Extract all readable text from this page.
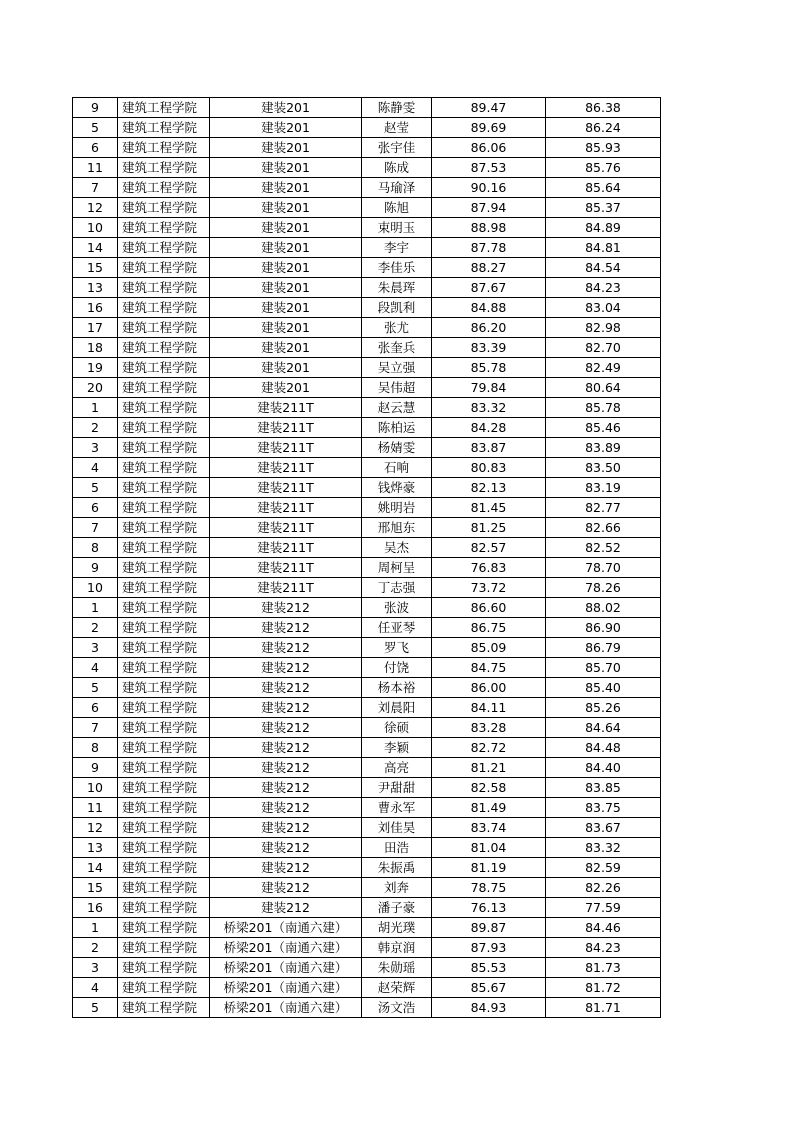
9	建筑工程学院	建装201	陈静雯	89.47	86.38
5	建筑工程学院	建装201	赵莹	89.69	86.24
6	建筑工程学院	建装201	张宇佳	86.06	85.93
11	建筑工程学院	建装201	陈成	87.53	85.76
7	建筑工程学院	建装201	马瑜泽	90.16	85.64
12	建筑工程学院	建装201	陈旭	87.94	85.37
10	建筑工程学院	建装201	束明玉	88.98	84.89
14	建筑工程学院	建装201	李宇	87.78	84.81
15	建筑工程学院	建装201	李佳乐	88.27	84.54
13	建筑工程学院	建装201	朱晨珲	87.67	84.23
16	建筑工程学院	建装201	段凯利	84.88	83.04
17	建筑工程学院	建装201	张尤	86.20	82.98
18	建筑工程学院	建装201	张奎兵	83.39	82.70
19	建筑工程学院	建装201	吴立强	85.78	82.49
20	建筑工程学院	建装201	吴伟超	79.84	80.64
1	建筑工程学院	建装211T	赵云慧	83.32	85.78
2	建筑工程学院	建装211T	陈柏运	84.28	85.46
3	建筑工程学院	建装211T	杨婧雯	83.87	83.89
4	建筑工程学院	建装211T	石响	80.83	83.50
5	建筑工程学院	建装211T	钱烨豪	82.13	83.19
6	建筑工程学院	建装211T	姚明岩	81.45	82.77
7	建筑工程学院	建装211T	邢旭东	81.25	82.66
8	建筑工程学院	建装211T	吴杰	82.57	82.52
9	建筑工程学院	建装211T	周柯呈	76.83	78.70
10	建筑工程学院	建装211T	丁志强	73.72	78.26
1	建筑工程学院	建装212	张波	86.60	88.02
2	建筑工程学院	建装212	任亚琴	86.75	86.90
3	建筑工程学院	建装212	罗飞	85.09	86.79
4	建筑工程学院	建装212	付饶	84.75	85.70
5	建筑工程学院	建装212	杨本裕	86.00	85.40
6	建筑工程学院	建装212	刘晨阳	84.11	85.26
7	建筑工程学院	建装212	徐硕	83.28	84.64
8	建筑工程学院	建装212	李颖	82.72	84.48
9	建筑工程学院	建装212	高亮	81.21	84.40
10	建筑工程学院	建装212	尹甜甜	82.58	83.85
11	建筑工程学院	建装212	曹永军	81.49	83.75
12	建筑工程学院	建装212	刘佳昊	83.74	83.67
13	建筑工程学院	建装212	田浩	81.04	83.32
14	建筑工程学院	建装212	朱振禹	81.19	82.59
15	建筑工程学院	建装212	刘奔	78.75	82.26
16	建筑工程学院	建装212	潘子豪	76.13	77.59
1	建筑工程学院	桥梁201（南通六建）	胡光璞	89.87	84.46
2	建筑工程学院	桥梁201（南通六建）	韩京润	87.93	84.23
3	建筑工程学院	桥梁201（南通六建）	朱勋瑶	85.53	81.73
4	建筑工程学院	桥梁201（南通六建）	赵荣辉	85.67	81.72
5	建筑工程学院	桥梁201（南通六建）	汤文浩	84.93	81.71
